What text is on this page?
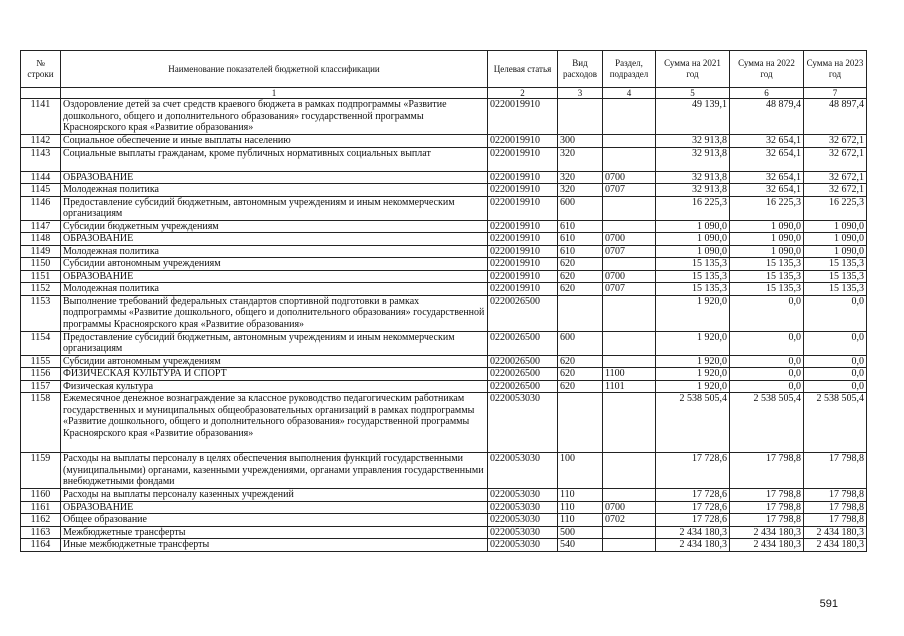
№ строки	Наименование показателей бюджетной классификации	Целевая статья	Вид расходов	Раздел, подраздел	Сумма на 2021 год	Сумма на 2022 год	Сумма на 2023 год
	1	2	3	4	5	6	7
1141	Оздоровление детей за счет средств краевого бюджета в рамках подпрограммы «Развитие дошкольного, общего и дополнительного образования» государственной программы Красноярского края «Развитие образования»	0220019910			49 139,1	48 879,4	48 897,4
1142	Социальное обеспечение и иные выплаты населению	0220019910	300		32 913,8	32 654,1	32 672,1
1143	Социальные выплаты гражданам, кроме публичных нормативных социальных выплат	0220019910	320		32 913,8	32 654,1	32 672,1
1144	ОБРАЗОВАНИЕ	0220019910	320	0700	32 913,8	32 654,1	32 672,1
1145	Молодежная политика	0220019910	320	0707	32 913,8	32 654,1	32 672,1
1146	Предоставление субсидий бюджетным, автономным учреждениям и иным некоммерческим организациям	0220019910	600		16 225,3	16 225,3	16 225,3
1147	Субсидии бюджетным учреждениям	0220019910	610		1 090,0	1 090,0	1 090,0
1148	ОБРАЗОВАНИЕ	0220019910	610	0700	1 090,0	1 090,0	1 090,0
1149	Молодежная политика	0220019910	610	0707	1 090,0	1 090,0	1 090,0
1150	Субсидии автономным учреждениям	0220019910	620		15 135,3	15 135,3	15 135,3
1151	ОБРАЗОВАНИЕ	0220019910	620	0700	15 135,3	15 135,3	15 135,3
1152	Молодежная политика	0220019910	620	0707	15 135,3	15 135,3	15 135,3
1153	Выполнение требований федеральных стандартов спортивной подготовки в рамках подпрограммы «Развитие дошкольного, общего и дополнительного образования» государственной программы Красноярского края «Развитие образования»	0220026500			1 920,0	0,0	0,0
1154	Предоставление субсидий бюджетным, автономным учреждениям и иным некоммерческим организациям	0220026500	600		1 920,0	0,0	0,0
1155	Субсидии автономным учреждениям	0220026500	620		1 920,0	0,0	0,0
1156	ФИЗИЧЕСКАЯ КУЛЬТУРА И СПОРТ	0220026500	620	1100	1 920,0	0,0	0,0
1157	Физическая культура	0220026500	620	1101	1 920,0	0,0	0,0
1158	Ежемесячное денежное вознаграждение за классное руководство педагогическим работникам государственных и муниципальных общеобразовательных организаций в рамках подпрограммы «Развитие дошкольного, общего и дополнительного образования» государственной программы Красноярского края «Развитие образования»	0220053030			2 538 505,4	2 538 505,4	2 538 505,4
1159	Расходы на выплаты персоналу в целях обеспечения выполнения функций государственными (муниципальными) органами, казенными учреждениями, органами управления государственными внебюджетными фондами	0220053030	100		17 728,6	17 798,8	17 798,8
1160	Расходы на выплаты персоналу казенных учреждений	0220053030	110		17 728,6	17 798,8	17 798,8
1161	ОБРАЗОВАНИЕ	0220053030	110	0700	17 728,6	17 798,8	17 798,8
1162	Общее образование	0220053030	110	0702	17 728,6	17 798,8	17 798,8
1163	Межбюджетные трансферты	0220053030	500		2 434 180,3	2 434 180,3	2 434 180,3
1164	Иные межбюджетные трансферты	0220053030	540		2 434 180,3	2 434 180,3	2 434 180,3
591
